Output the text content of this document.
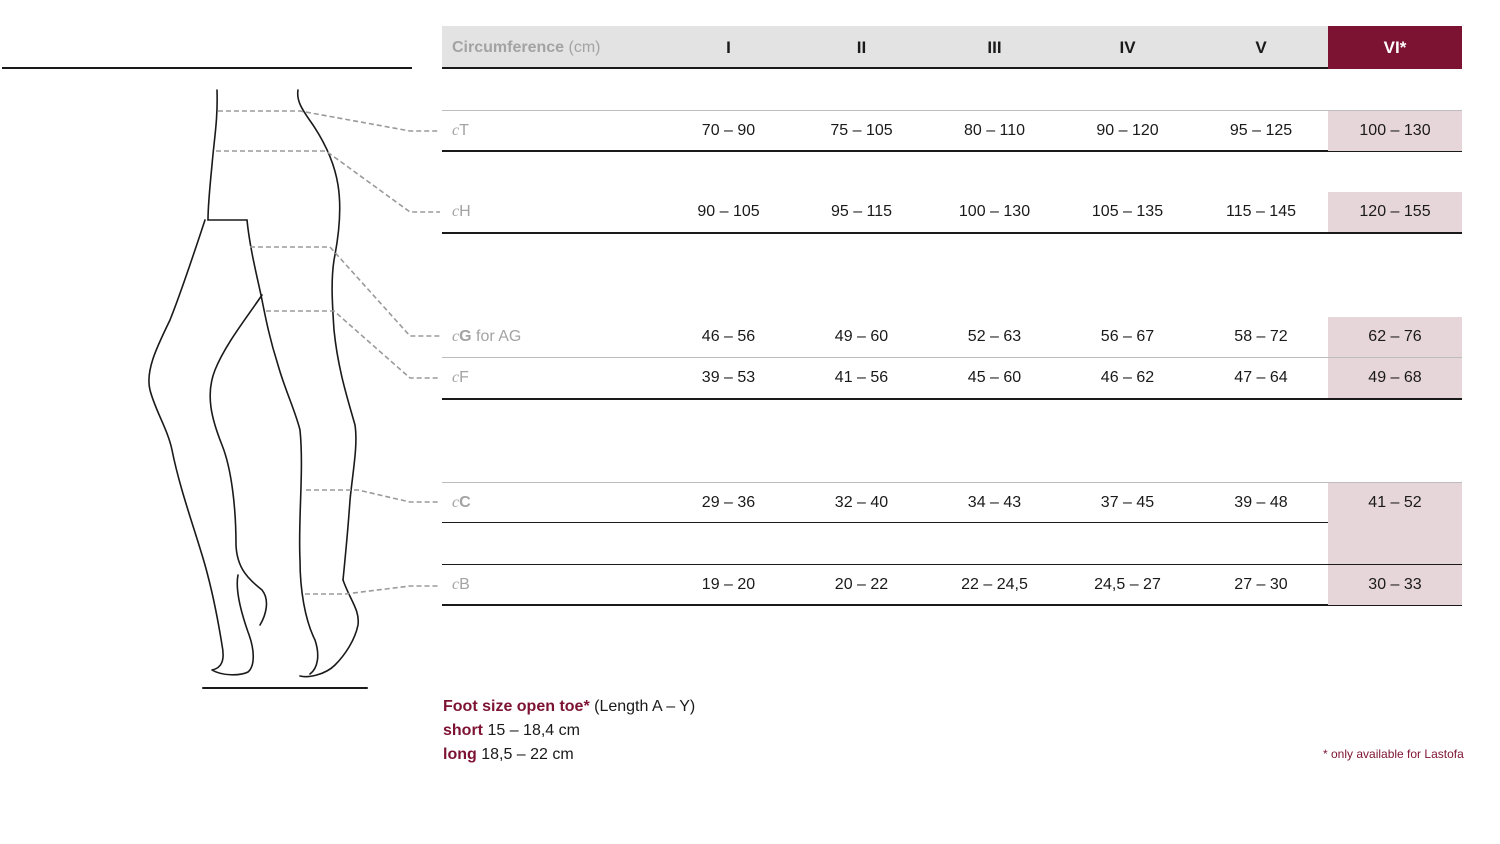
Circumference (cm)	I	II	III	IV	V	VI*
cT	70 – 90	75 – 105	80 – 110	90 – 120	95 – 125	100 – 130
cH	90 – 105	95 – 115	100 – 130	105 – 135	115 – 145	120 – 155
cG for AG	46 – 56	49 – 60	52 – 63	56 – 67	58 – 72	62 – 76
cF	39 – 53	41 – 56	45 – 60	46 – 62	47 – 64	49 – 68
cC	29 – 36	32 – 40	34 – 43	37 – 45	39 – 48	41 – 52
cB	19 – 20	20 – 22	22 – 24,5	24,5 – 27	27 – 30	30 – 33
Foot size open toe* (Length A – Y)
short 15 – 18,4 cm
long 18,5 – 22 cm	* only available for Lastofa
